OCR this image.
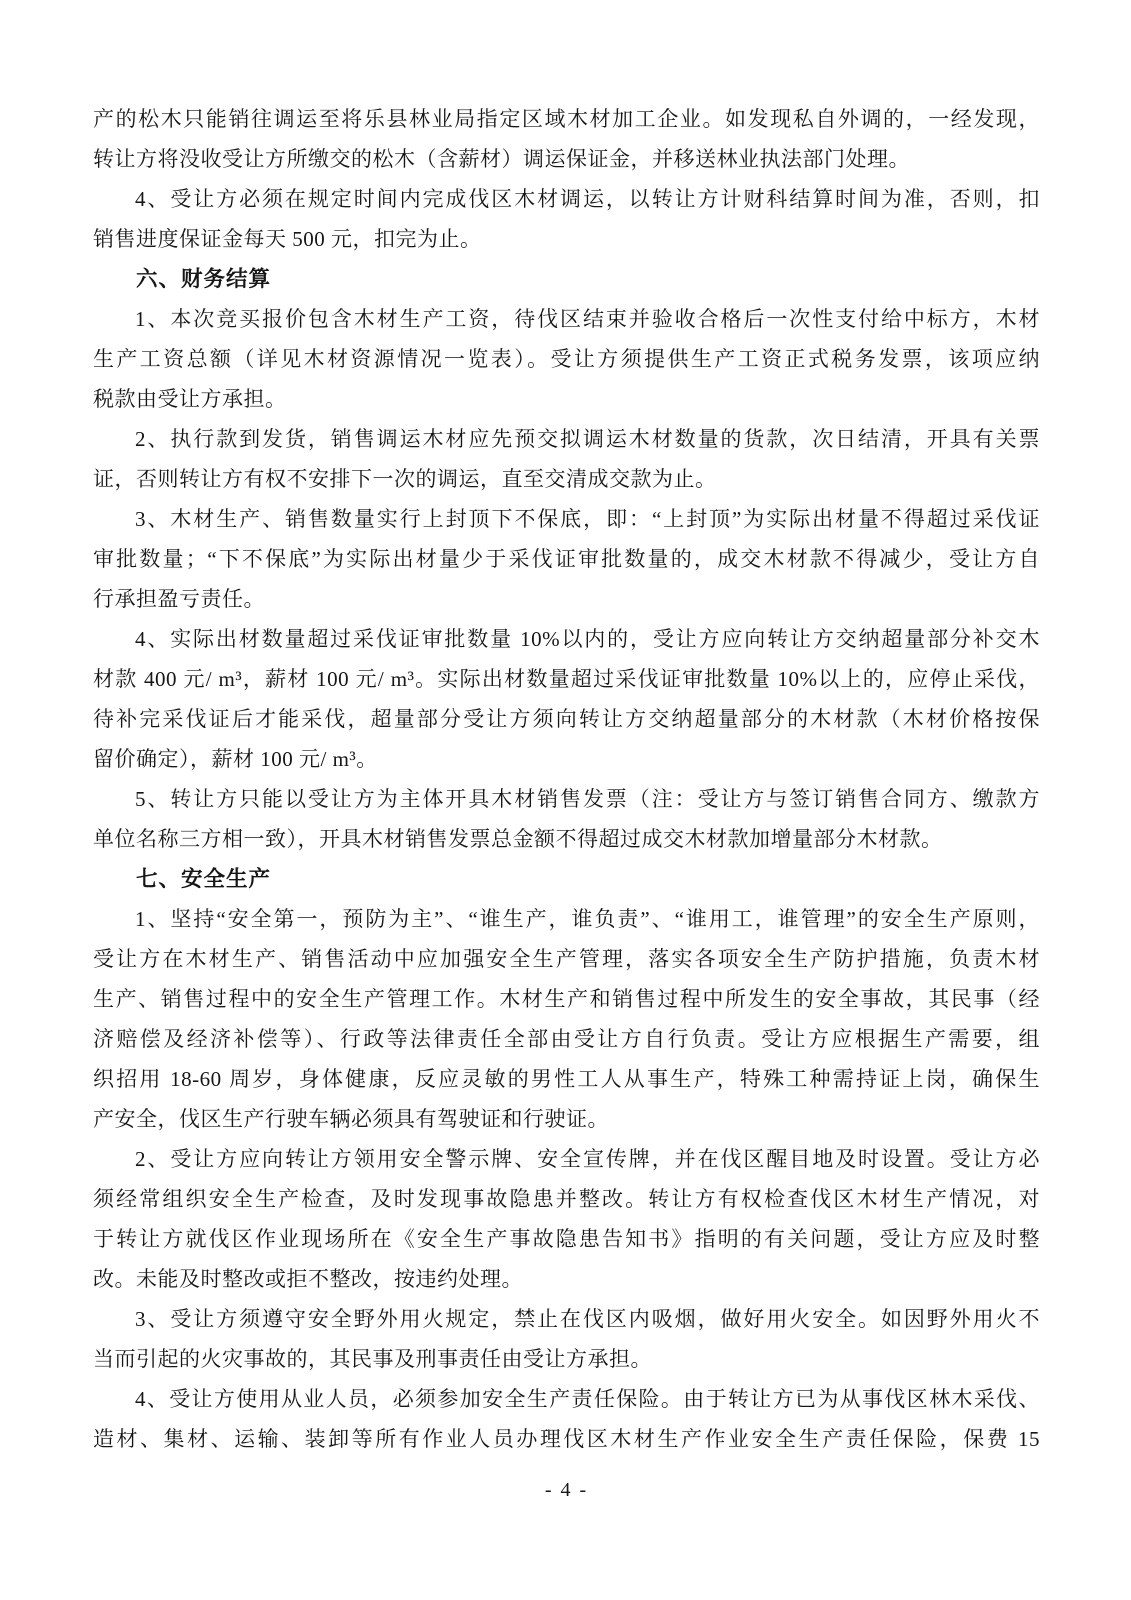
产的松木只能销往调运至将乐县林业局指定区域木材加工企业。如发现私自外调的，一经发现，
转让方将没收受让方所缴交的松木（含薪材）调运保证金，并移送林业执法部门处理。
4、受让方必须在规定时间内完成伐区木材调运，以转让方计财科结算时间为准，否则，扣
销售进度保证金每天 500 元，扣完为止。
六、财务结算
1、本次竞买报价包含木材生产工资，待伐区结束并验收合格后一次性支付给中标方，木材
生产工资总额（详见木材资源情况一览表）。受让方须提供生产工资正式税务发票，该项应纳
税款由受让方承担。
2、执行款到发货，销售调运木材应先预交拟调运木材数量的货款，次日结清，开具有关票
证，否则转让方有权不安排下一次的调运，直至交清成交款为止。
3、木材生产、销售数量实行上封顶下不保底，即：“上封顶”为实际出材量不得超过采伐证
审批数量；“下不保底”为实际出材量少于采伐证审批数量的，成交木材款不得减少，受让方自
行承担盈亏责任。
4、实际出材数量超过采伐证审批数量 10%以内的，受让方应向转让方交纳超量部分补交木
材款 400 元/ m³，薪材 100 元/ m³。实际出材数量超过采伐证审批数量 10%以上的，应停止采伐，
待补完采伐证后才能采伐，超量部分受让方须向转让方交纳超量部分的木材款（木材价格按保
留价确定），薪材 100 元/ m³。
5、转让方只能以受让方为主体开具木材销售发票（注：受让方与签订销售合同方、缴款方
单位名称三方相一致），开具木材销售发票总金额不得超过成交木材款加增量部分木材款。
七、安全生产
1、坚持“安全第一，预防为主”、“谁生产，谁负责”、“谁用工，谁管理”的安全生产原则，
受让方在木材生产、销售活动中应加强安全生产管理，落实各项安全生产防护措施，负责木材
生产、销售过程中的安全生产管理工作。木材生产和销售过程中所发生的安全事故，其民事（经
济赔偿及经济补偿等）、行政等法律责任全部由受让方自行负责。受让方应根据生产需要，组
织招用 18-60 周岁，身体健康，反应灵敏的男性工人从事生产，特殊工种需持证上岗，确保生
产安全，伐区生产行驶车辆必须具有驾驶证和行驶证。
2、受让方应向转让方领用安全警示牌、安全宣传牌，并在伐区醒目地及时设置。受让方必
须经常组织安全生产检查，及时发现事故隐患并整改。转让方有权检查伐区木材生产情况，对
于转让方就伐区作业现场所在《安全生产事故隐患告知书》指明的有关问题，受让方应及时整
改。未能及时整改或拒不整改，按违约处理。
3、受让方须遵守安全野外用火规定，禁止在伐区内吸烟，做好用火安全。如因野外用火不
当而引起的火灾事故的，其民事及刑事责任由受让方承担。
4、受让方使用从业人员，必须参加安全生产责任保险。由于转让方已为从事伐区林木采伐、
造材、集材、运输、装卸等所有作业人员办理伐区木材生产作业安全生产责任保险，保费 15
- 4 -
